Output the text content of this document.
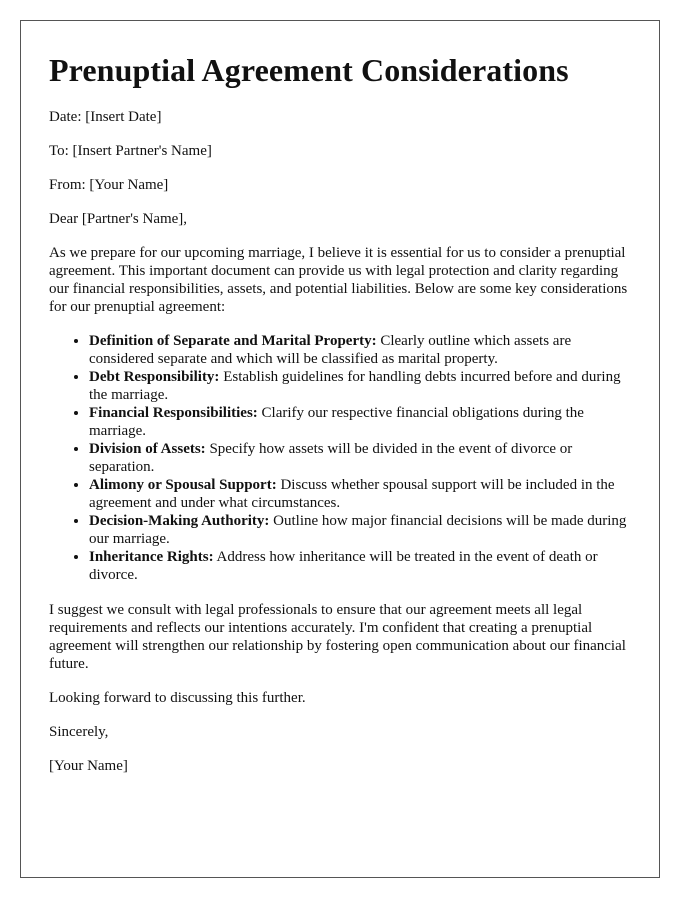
Prenuptial Agreement Considerations

Date: [Insert Date]

To: [Insert Partner's Name]

From: [Your Name]

Dear [Partner's Name],

As we prepare for our upcoming marriage, I believe it is essential for us to consider a prenuptial agreement. This important document can provide us with legal protection and clarity regarding our financial responsibilities, assets, and potential liabilities. Below are some key considerations for our prenuptial agreement:

• Definition of Separate and Marital Property: Clearly outline which assets are considered separate and which will be classified as marital property.
• Debt Responsibility: Establish guidelines for handling debts incurred before and during the marriage.
• Financial Responsibilities: Clarify our respective financial obligations during the marriage.
• Division of Assets: Specify how assets will be divided in the event of divorce or separation.
• Alimony or Spousal Support: Discuss whether spousal support will be included in the agreement and under what circumstances.
• Decision-Making Authority: Outline how major financial decisions will be made during our marriage.
• Inheritance Rights: Address how inheritance will be treated in the event of death or divorce.

I suggest we consult with legal professionals to ensure that our agreement meets all legal requirements and reflects our intentions accurately. I'm confident that creating a prenuptial agreement will strengthen our relationship by fostering open communication about our financial future.

Looking forward to discussing this further.

Sincerely,

[Your Name]
